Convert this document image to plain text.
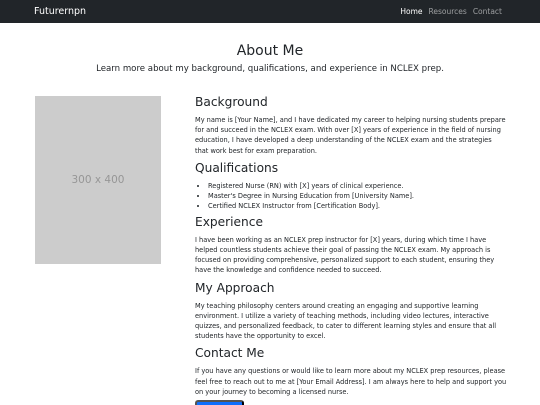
Futurernpn	Home Resources Contact
About Me

Learn more about my background, qualifications, and experience in NCLEX prep.

300 x 400
Background

My name is [Your Name], and I have dedicated my career to helping nursing students prepare for and succeed in the NCLEX exam. With over [X] years of experience in the field of nursing education, I have developed a deep understanding of the NCLEX exam and the strategies that work best for exam preparation.

Qualifications
• Registered Nurse (RN) with [X] years of clinical experience.
• Master's Degree in Nursing Education from [University Name].
• Certified NCLEX Instructor from [Certification Body].
Experience

I have been working as an NCLEX prep instructor for [X] years, during which time I have helped countless students achieve their goal of passing the NCLEX exam. My approach is focused on providing comprehensive, personalized support to each student, ensuring they have the knowledge and confidence needed to succeed.

My Approach

My teaching philosophy centers around creating an engaging and supportive learning environment. I utilize a variety of teaching methods, including video lectures, interactive quizzes, and personalized feedback, to cater to different learning styles and ensure that all students have the opportunity to excel.

Contact Me

If you have any questions or would like to learn more about my NCLEX prep resources, please feel free to reach out to me at [Your Email Address]. I am always here to help and support you on your journey to becoming a licensed nurse.
